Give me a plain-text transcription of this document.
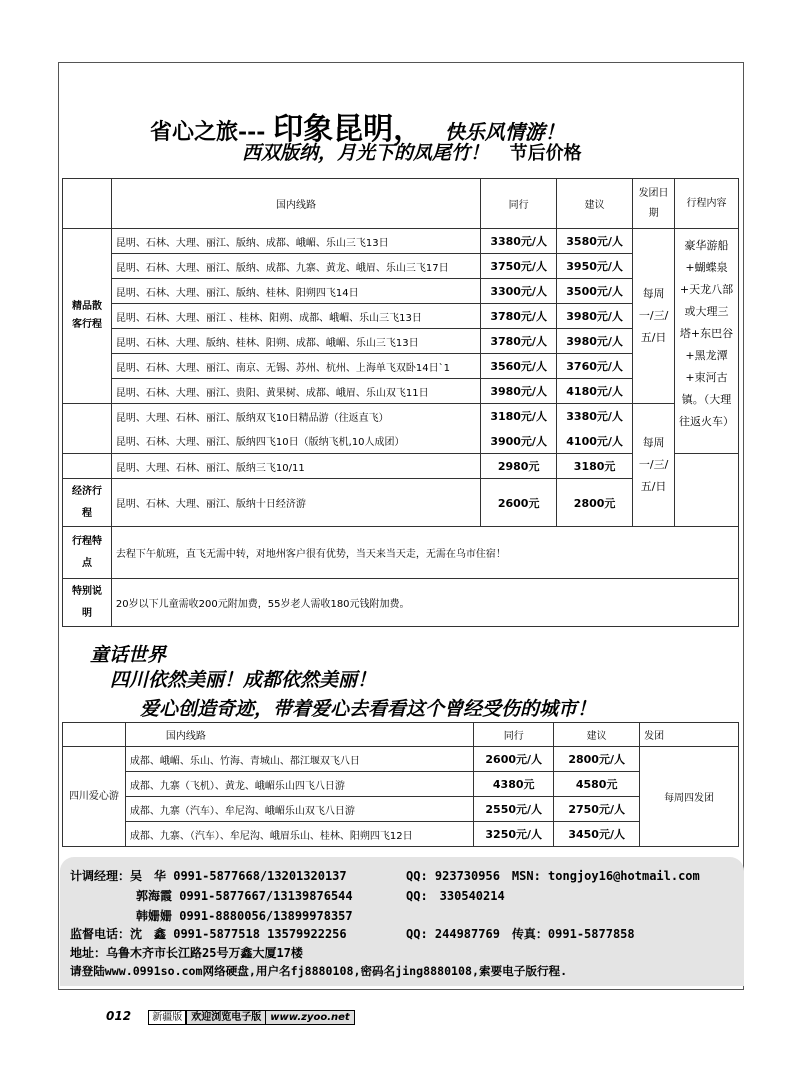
省心之旅--- 印象昆明， 快乐风情游！
西双版纳，月光下的凤尾竹！ 节后价格
	国内线路	同行	建议	发团日期	行程内容
精品散客行程	昆明、石林、大理、丽江、版纳、成都、峨嵋、乐山三飞13日	3380元/人	3580元/人	每周一/三/五/日	豪华游船+蝴蝶泉+天龙八部或大理三塔+东巴谷+黑龙潭+束河古镇。（大理往返火车）
	昆明、石林、大理、丽江、版纳、成都、九寨、黄龙、峨眉、乐山三飞17日	3750元/人	3950元/人		
	昆明、石林、大理、丽江、版纳、桂林、阳朔四飞14日	3300元/人	3500元/人		
	昆明、石林、大理、丽江 、桂林、阳朔、成都、峨嵋、乐山三飞13日	3780元/人	3980元/人		
	昆明、石林、大理、版纳、桂林、阳朔、成都、峨嵋、乐山三飞13日	3780元/人	3980元/人		
	昆明、石林、大理、丽江、南京、无锡、苏州、杭州、上海单飞双卧14日`1	3560元/人	3760元/人		
	昆明、石林、大理、丽江、贵阳、黄果树、成都、峨眉、乐山双飞11日	3980元/人	4180元/人		
	昆明、大理、石林、丽江、版纳双飞10日精品游（往返直飞）	3180元/人	3380元/人	每周一/三/五/日	
	昆明、石林、大理、丽江、版纳四飞10日（版纳飞机,10人成团）	3900元/人	4100元/人		
	昆明、大理、石林、丽江、版纳三飞10/11	2980元	3180元		
经济行程	昆明、石林、大理、丽江、版纳十日经济游	2600元	2800元		
行程特点	去程下午航班，直飞无需中转，对地州客户很有优势，当天来当天走，无需在乌市住宿！				
特别说明	20岁以下儿童需收200元附加费，55岁老人需收180元钱附加费。				
童话世界
四川依然美丽！成都依然美丽！
爱心创造奇迹，带着爱心去看看这个曾经受伤的城市！
	国内线路	同行	建议	发团
四川爱心游	成都、峨嵋、乐山、竹海、青城山、都江堰双飞八日	2600元/人	2800元/人	每周四发团
	成都、九寨（飞机）、黄龙、峨嵋乐山四飞八日游	4380元	4580元	
	成都、九寨（汽车）、牟尼沟、峨嵋乐山双飞八日游	2550元/人	2750元/人	
	成都、九寨、（汽车）、牟尼沟、峨眉乐山、桂林、阳朔四飞12日	3250元/人	3450元/人	
计调经理：吴　华 0991-5877668/13201320137	QQ: 923730956　MSN: tongjoy16@hotmail.com
郭海霞 0991-5877667/13139876544	QQ:　330540214
韩姗姗 0991-8880056/13899978357
监督电话：沈　鑫 0991-5877518 13579922256	QQ: 244987769　传真：0991-5877858
地址：乌鲁木齐市长江路25号万鑫大厦17楼
请登陆www.0991so.com网络硬盘,用户名fj8880108,密码名jing8880108,索要电子版行程.
012 新疆版 欢迎浏览电子版 www.zyoo.net
